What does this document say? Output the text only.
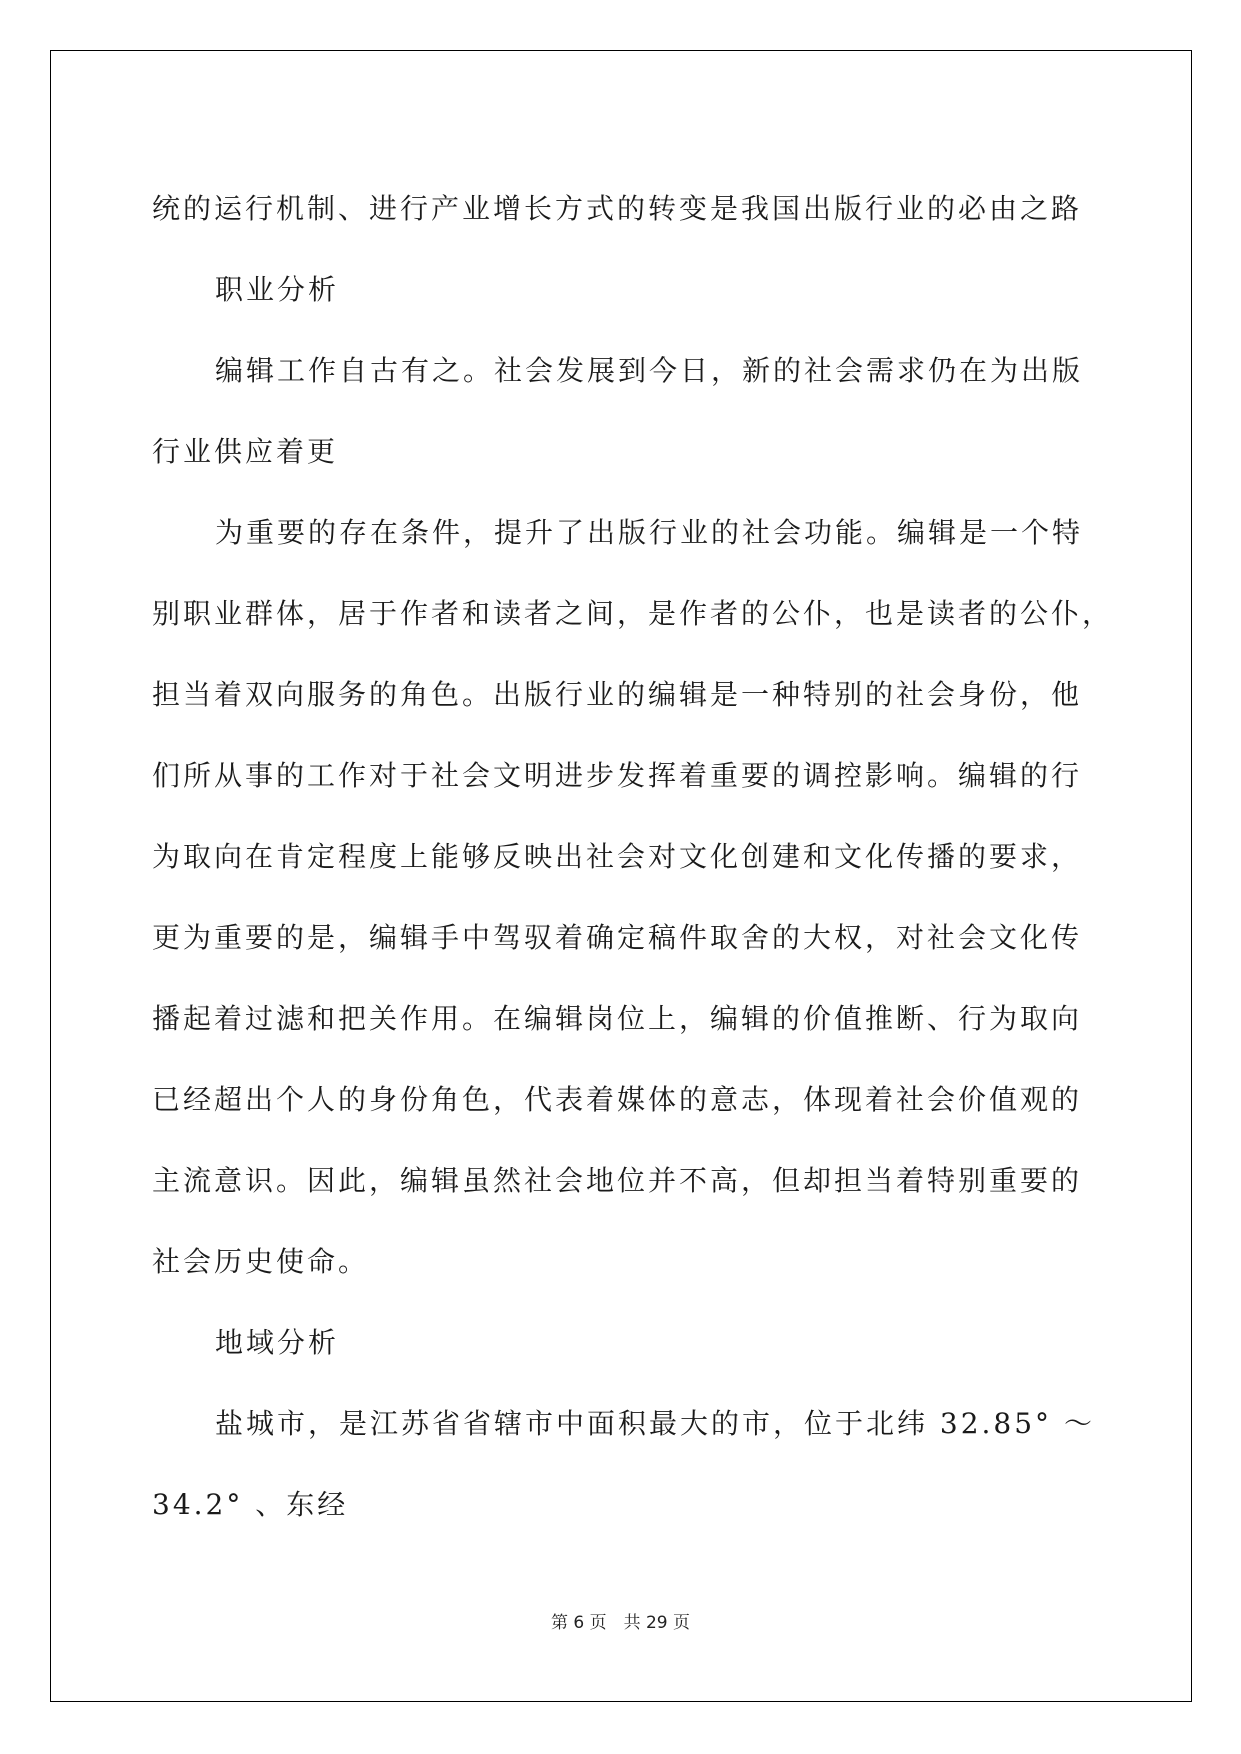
统的运行机制、进行产业增长方式的转变是我国出版行业的必由之路
职业分析
编辑工作自古有之。社会发展到今日，新的社会需求仍在为出版
行业供应着更
为重要的存在条件，提升了出版行业的社会功能。编辑是一个特
别职业群体，居于作者和读者之间，是作者的公仆，也是读者的公仆，
担当着双向服务的角色。出版行业的编辑是一种特别的社会身份，他
们所从事的工作对于社会文明进步发挥着重要的调控影响。编辑的行
为取向在肯定程度上能够反映出社会对文化创建和文化传播的要求，
更为重要的是，编辑手中驾驭着确定稿件取舍的大权，对社会文化传
播起着过滤和把关作用。在编辑岗位上，编辑的价值推断、行为取向
已经超出个人的身份角色，代表着媒体的意志，体现着社会价值观的
主流意识。因此，编辑虽然社会地位并不高，但却担当着特别重要的
社会历史使命。
地域分析
盐城市，是江苏省省辖市中面积最大的市，位于北纬 32.85° ～
34.2° 、东经
第 6 页　共 29 页
